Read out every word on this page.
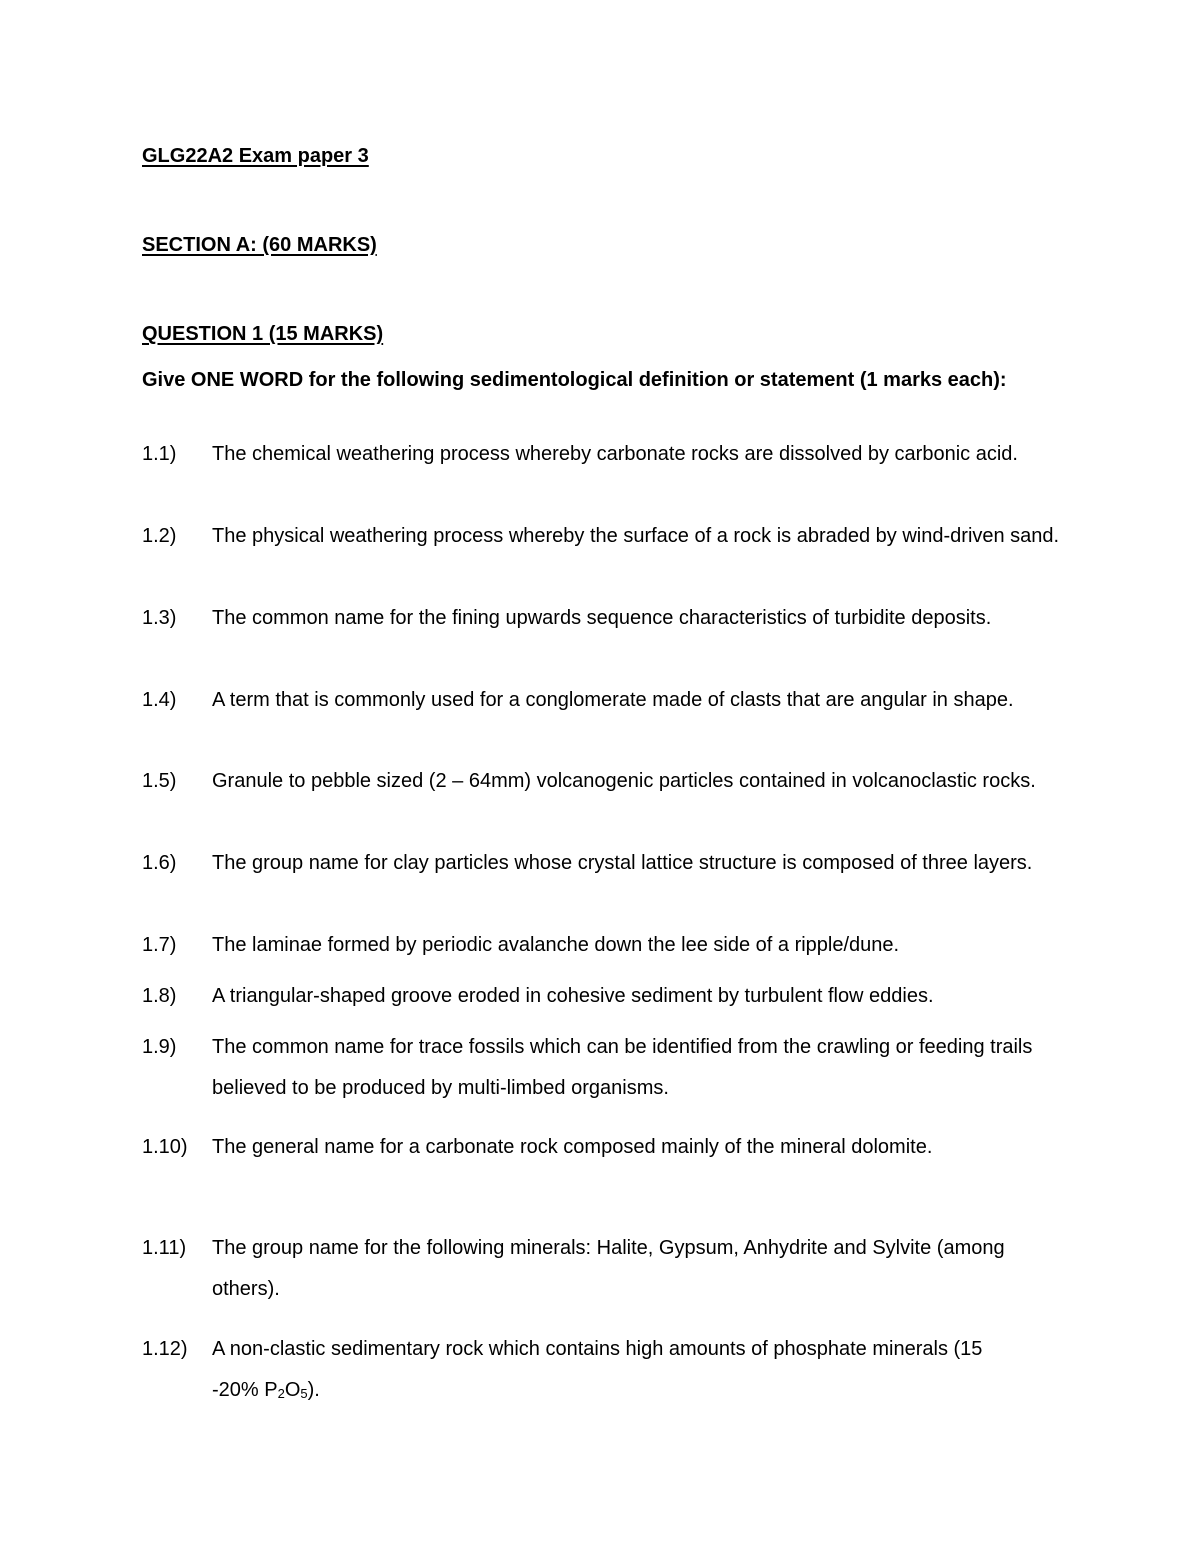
GLG22A2 Exam paper 3
SECTION A: (60 MARKS)
QUESTION 1 (15 MARKS)
Give ONE WORD for the following sedimentological definition or statement (1 marks each):
1.1) The chemical weathering process whereby carbonate rocks are dissolved by carbonic acid.
1.2) The physical weathering process whereby the surface of a rock is abraded by wind-driven sand.
1.3) The common name for the fining upwards sequence characteristics of turbidite deposits.
1.4) A term that is commonly used for a conglomerate made of clasts that are angular in shape.
1.5) Granule to pebble sized (2 – 64mm) volcanogenic particles contained in volcanoclastic rocks.
1.6) The group name for clay particles whose crystal lattice structure is composed of three layers.
1.7) The laminae formed by periodic avalanche down the lee side of a ripple/dune.
1.8) A triangular-shaped groove eroded in cohesive sediment by turbulent flow eddies.
1.9) The common name for trace fossils which can be identified from the crawling or feeding trails believed to be produced by multi-limbed organisms.
1.10) The general name for a carbonate rock composed mainly of the mineral dolomite.
1.11) The group name for the following minerals: Halite, Gypsum, Anhydrite and Sylvite (among others).
1.12) A non-clastic sedimentary rock which contains high amounts of phosphate minerals (15 -20% $P_2O_5$).
